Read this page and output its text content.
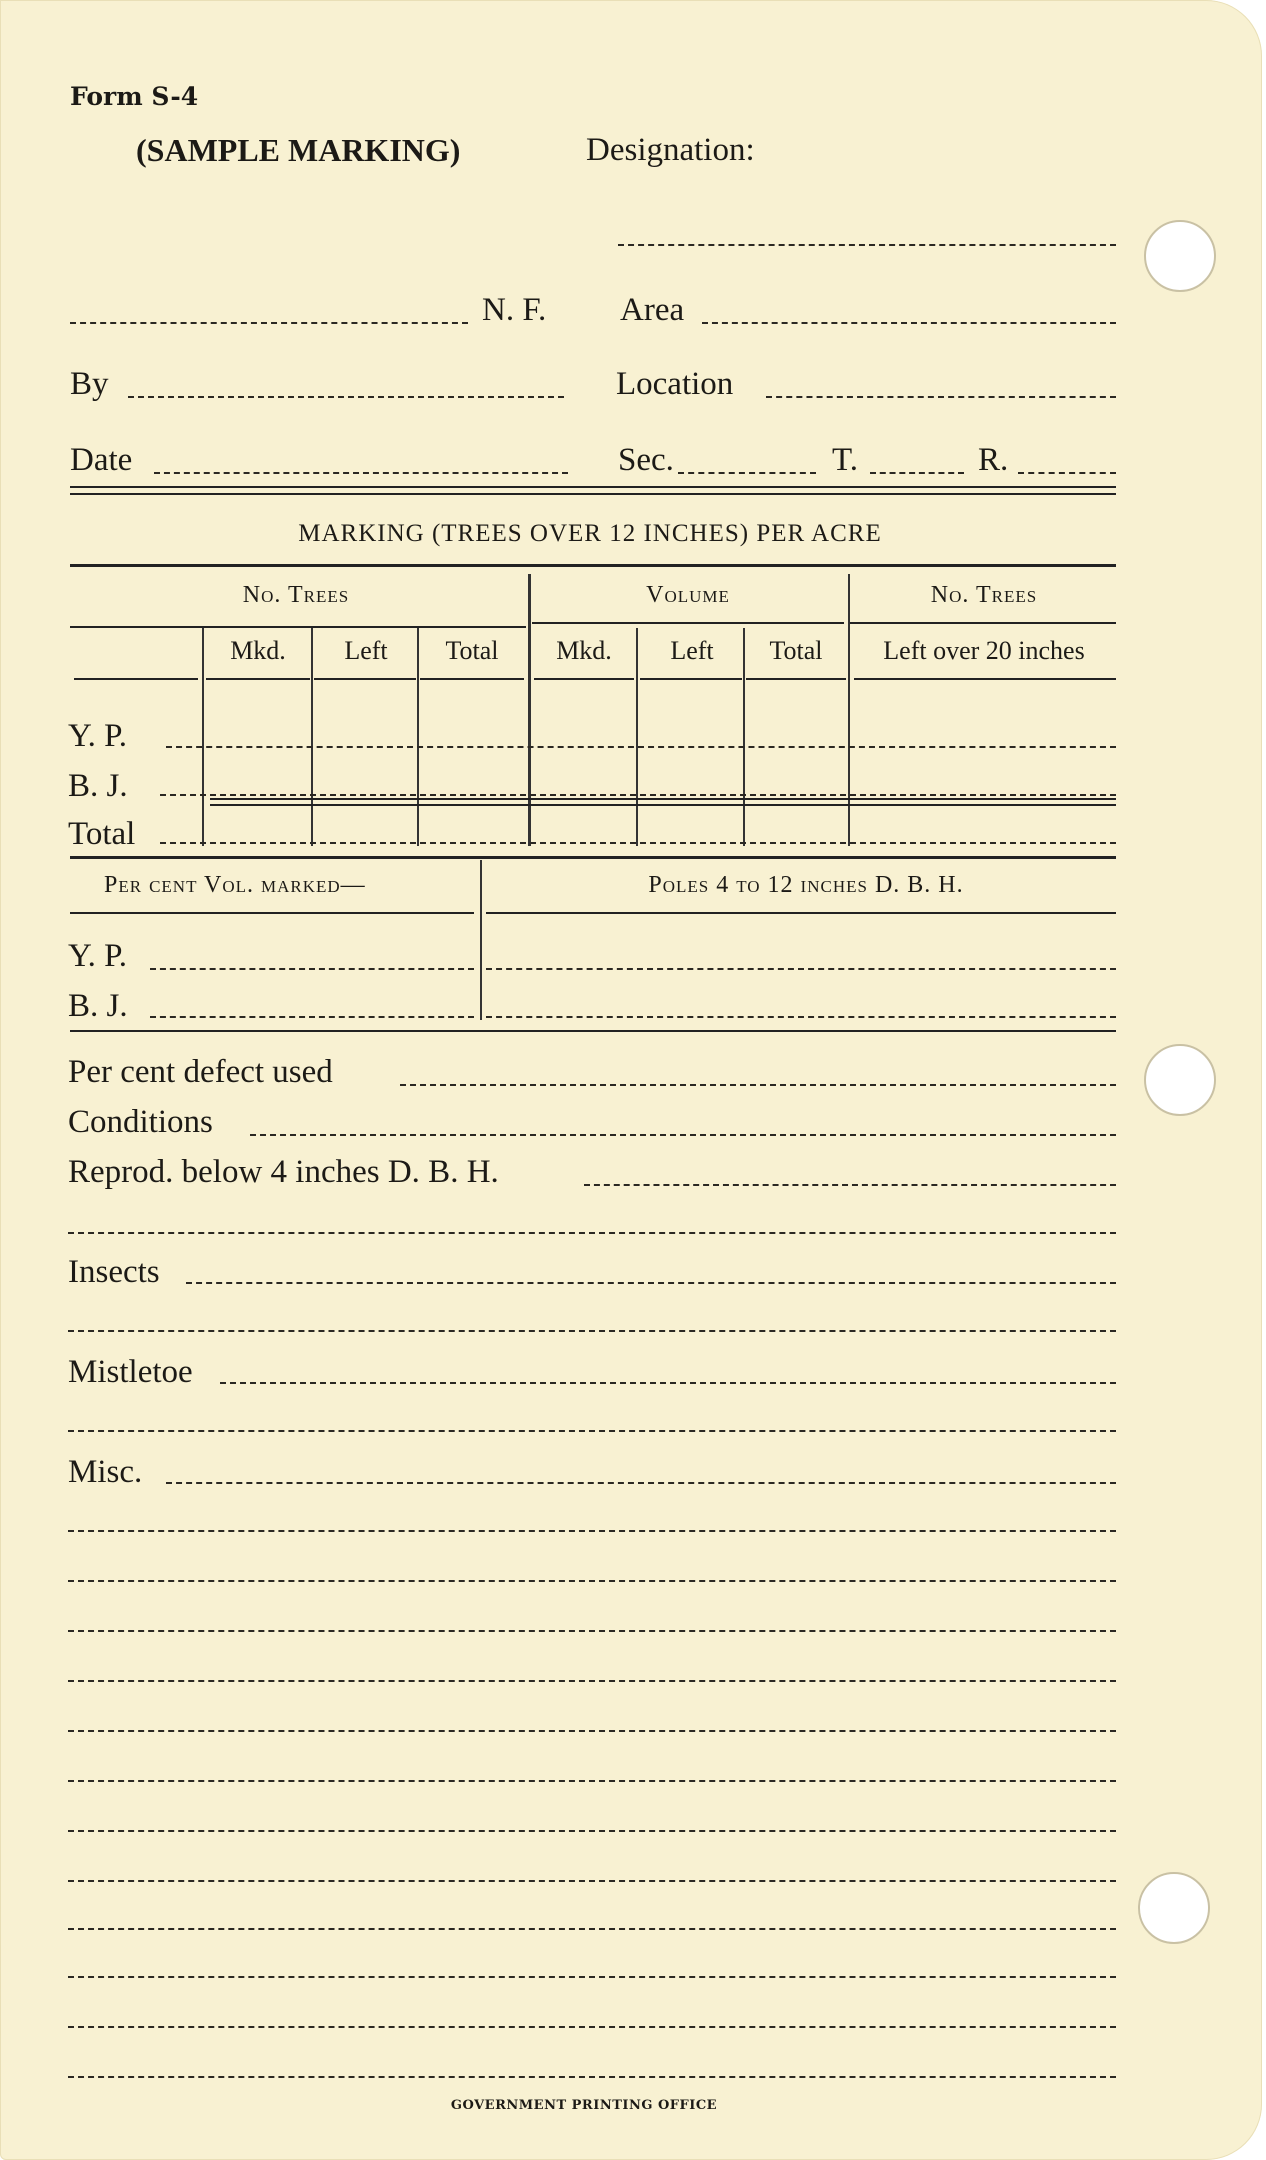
Form S-4
(SAMPLE MARKING)	Designation:
N. F. Area
By	Location
Date	Sec.	T.	R.
MARKING (TREES OVER 12 INCHES) PER ACRE
No. Trees	Volume	No. Trees
Mkd. Left Total Mkd. Left Total Left over 20 inches
Y. P.
B. J.
Total
Per cent Vol. marked—	Poles 4 to 12 inches D. B. H.
Y. P.
B. J.
Per cent defect used
Conditions
Reprod. below 4 inches D. B. H.
Insects
Mistletoe
Misc.
GOVERNMENT PRINTING OFFICE
